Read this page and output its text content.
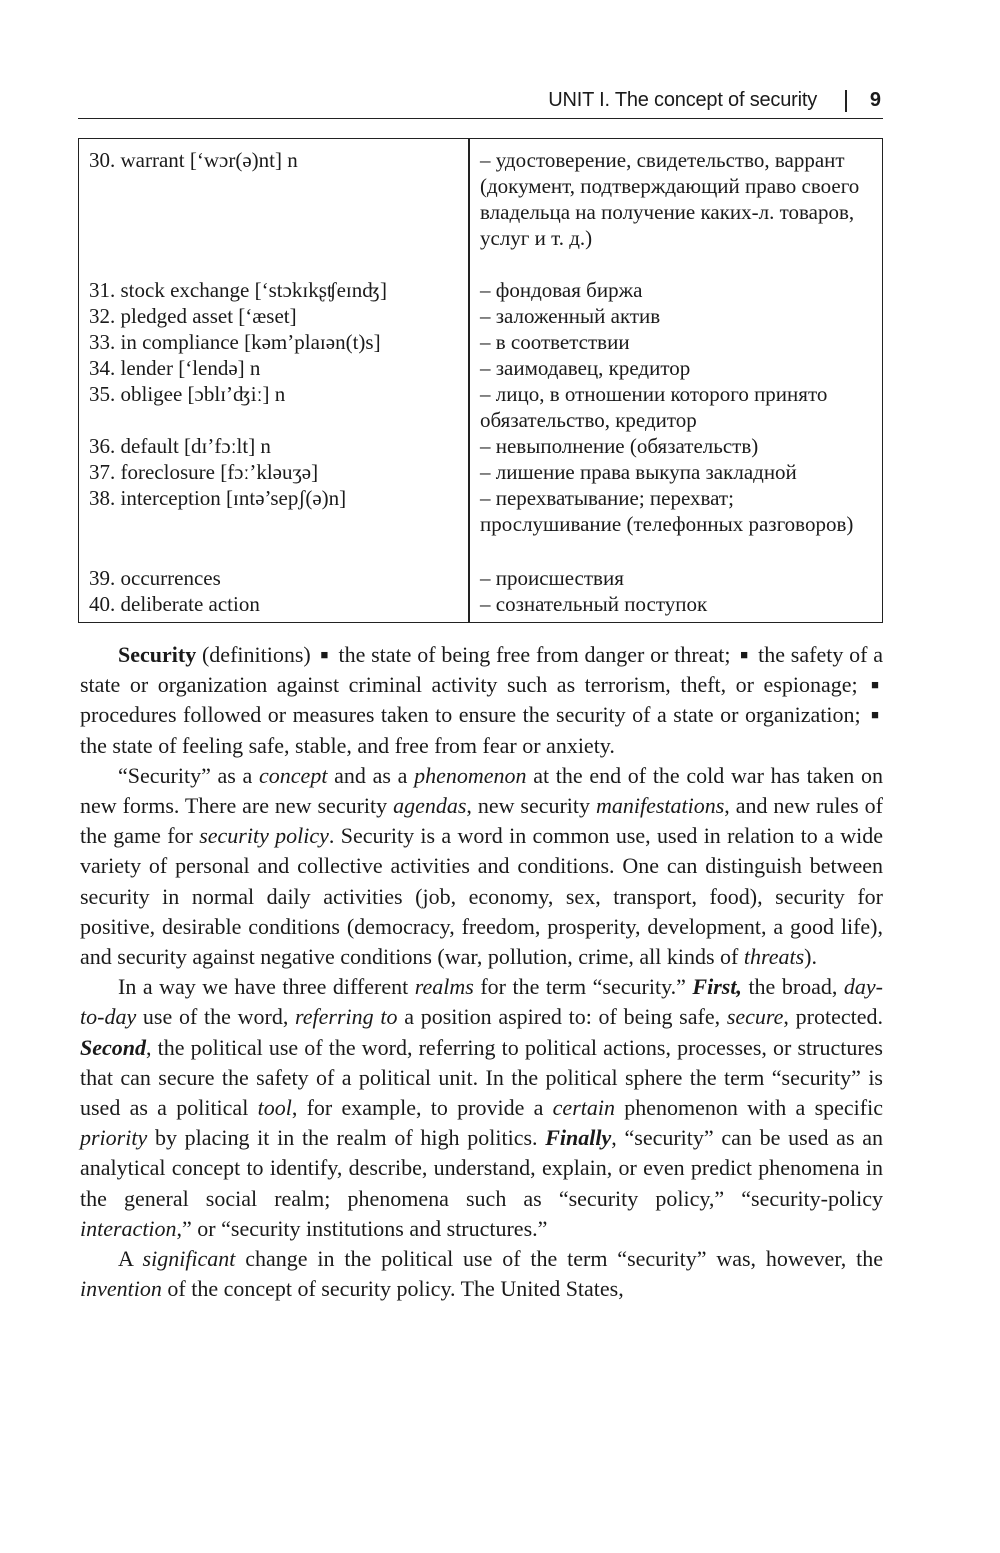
UNIT I. The concept of security	9
30. warrant [ʻwɔr(ə)nt] n	– удостоверение, свидетельство, варрант (документ, подтверждающий право своего владельца на получение каких-л. товаров, услуг и т. д.)
31. stock exchange [ʻstɔkɪkʂʧeɪnʤ]	– фондовая биржа
32. pledged asset [ʻæset]	– заложенный актив
33. in compliance [kəm’plaɪən(t)s]	– в соответствии
34. lender [ʻlendə] n	– заимодавец, кредитор
35. obligee [ɔblɪ’ʤiː] n	– лицо, в отношении которого принято обязательство, кредитор
36. default [dɪ’fɔːlt] n	– невыполнение (обязательств)
37. foreclosure [fɔː’kləuʒə]	– лишение права выкупа закладной
38. interception [ɪntə’sepʃ(ə)n]	– перехватывание; перехват; прослушивание (телефонных разговоров)
39. occurrences	– происшествия
40. deliberate action	– сознательный поступок

Security (definitions) ■ the state of being free from danger or threat; ■ the safety of a state or organization against criminal activity such as terrorism, theft, or espionage; ■ procedures followed or measures taken to ensure the security of a state or organization; ■ the state of feeling safe, stable, and free from fear or anxiety.

“Security” as a concept and as a phenomenon at the end of the cold war has taken on new forms. There are new security agendas, new security manifestations, and new rules of the game for security policy. Security is a word in common use, used in relation to a wide variety of personal and collective activities and conditions. One can distinguish between security in normal daily activities (job, economy, sex, transport, food), security for positive, desirable conditions (democracy, freedom, prosperity, development, a good life), and security against negative conditions (war, pollution, crime, all kinds of threats).

In a way we have three different realms for the term “security.” First, the broad, day-to-day use of the word, referring to a position aspired to: of being safe, secure, protected. Second, the political use of the word, referring to political actions, processes, or structures that can secure the safety of a political unit. In the political sphere the term “security” is used as a political tool, for example, to provide a certain phenomenon with a specific priority by placing it in the realm of high politics. Finally, “security” can be used as an analytical concept to identify, describe, understand, explain, or even predict phenomena in the general social realm; phenomena such as “security policy,” “security-policy interaction,” or “security institutions and structures.”

A significant change in the political use of the term “security” was, however, the invention of the concept of security policy. The United States,
